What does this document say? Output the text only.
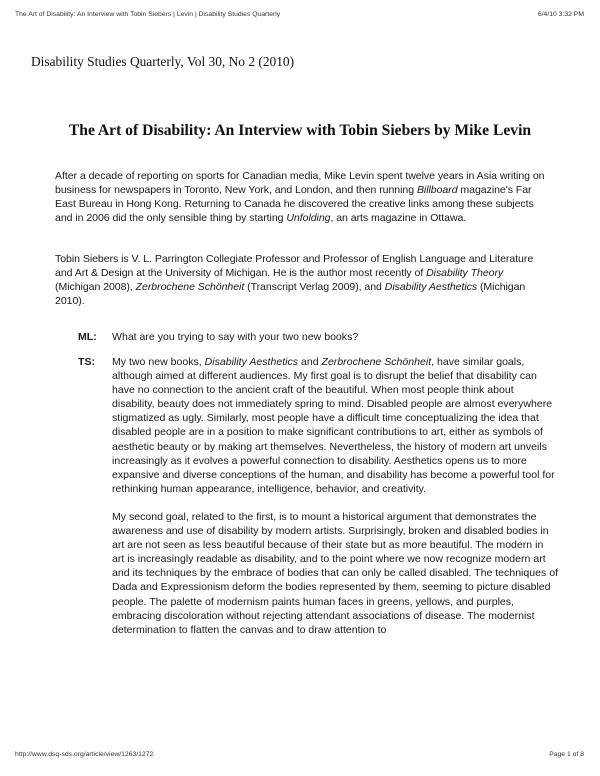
The Art of Disability: An Interview with Tobin Siebers | Levin | Disability Studies Quarterly	6/4/10 3:32 PM
Disability Studies Quarterly, Vol 30, No 2 (2010)
The Art of Disability: An Interview with Tobin Siebers by Mike Levin

After a decade of reporting on sports for Canadian media, Mike Levin spent twelve years in Asia writing on business for newspapers in Toronto, New York, and London, and then running Billboard magazine's Far East Bureau in Hong Kong. Returning to Canada he discovered the creative links among these subjects and in 2006 did the only sensible thing by starting Unfolding, an arts magazine in Ottawa.

Tobin Siebers is V. L. Parrington Collegiate Professor and Professor of English Language and Literature and Art & Design at the University of Michigan. He is the author most recently of Disability Theory (Michigan 2008), Zerbrochene Schönheit (Transcript Verlag 2009), and Disability Aesthetics (Michigan 2010).

ML:	What are you trying to say with your two new books?
TS:	My two new books, Disability Aesthetics and Zerbrochene Schönheit, have similar goals, although aimed at different audiences. My first goal is to disrupt the belief that disability can have no connection to the ancient craft of the beautiful. When most people think about disability, beauty does not immediately spring to mind. Disabled people are almost everywhere stigmatized as ugly. Similarly, most people have a difficult time conceptualizing the idea that disabled people are in a position to make significant contributions to art, either as symbols of aesthetic beauty or by making art themselves. Nevertheless, the history of modern art unveils increasingly as it evolves a powerful connection to disability. Aesthetics opens us to more expansive and diverse conceptions of the human, and disability has become a powerful tool for rethinking human appearance, intelligence, behavior, and creativity.

My second goal, related to the first, is to mount a historical argument that demonstrates the awareness and use of disability by modern artists. Surprisingly, broken and disabled bodies in art are not seen as less beautiful because of their state but as more beautiful. The modern in art is increasingly readable as disability, and to the point where we now recognize modern art and its techniques by the embrace of bodies that can only be called disabled. The techniques of Dada and Expressionism deform the bodies represented by them, seeming to picture disabled people. The palette of modernism paints human faces in greens, yellows, and purples, embracing discoloration without rejecting attendant associations of disease. The modernist determination to flatten the canvas and to draw attention to

http://www.dsq-sds.org/article/view/1263/1272	Page 1 of 8
